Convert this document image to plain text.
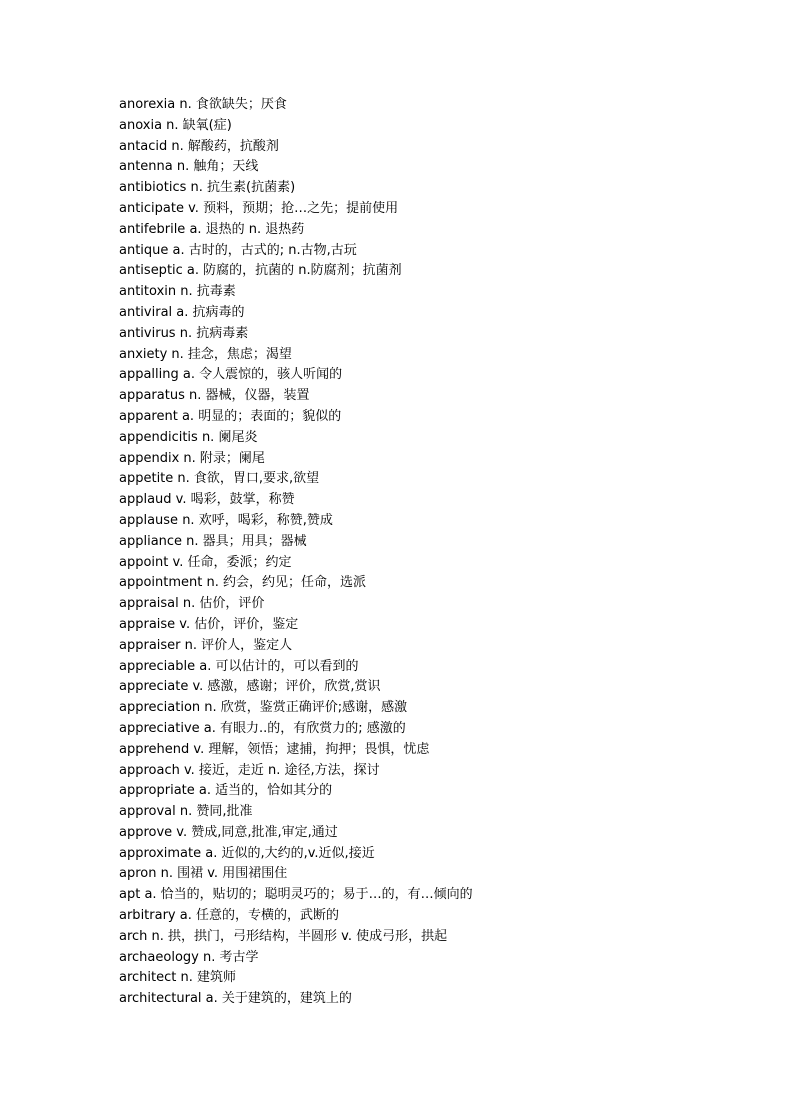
anorexia n. 食欲缺失；厌食
anoxia n. 缺氧(症)
antacid n. 解酸药，抗酸剂
antenna n. 触角；天线
antibiotics n. 抗生素(抗菌素)
anticipate v. 预料，预期；抢…之先；提前使用
antifebrile a. 退热的 n. 退热药
antique a. 古时的，古式的; n.古物,古玩
antiseptic a. 防腐的，抗菌的 n.防腐剂；抗菌剂
antitoxin n. 抗毒素
antiviral a. 抗病毒的
antivirus n. 抗病毒素
anxiety n. 挂念，焦虑；渴望
appalling a. 令人震惊的，骇人听闻的
apparatus n. 器械，仪器，装置
apparent a. 明显的；表面的；貌似的
appendicitis n. 阑尾炎
appendix n. 附录；阑尾
appetite n. 食欲，胃口,要求,欲望
applaud v. 喝彩，鼓掌，称赞
applause n. 欢呼，喝彩，称赞,赞成
appliance n. 器具；用具；器械
appoint v. 任命，委派；约定
appointment n. 约会，约见；任命，选派
appraisal n. 估价，评价
appraise v. 估价，评价，鉴定
appraiser n. 评价人，鉴定人
appreciable a. 可以估计的，可以看到的
appreciate v. 感激，感谢；评价，欣赏,赏识
appreciation n. 欣赏，鉴赏正确评价;感谢，感激
appreciative a. 有眼力..的，有欣赏力的; 感激的
apprehend v. 理解，领悟；逮捕，拘押；畏惧，忧虑
approach v. 接近，走近 n. 途径,方法，探讨
appropriate a. 适当的，恰如其分的
approval n. 赞同,批准
approve v. 赞成,同意,批准,审定,通过
approximate a. 近似的,大约的,v.近似,接近
apron n. 围裙 v. 用围裙围住
apt a. 恰当的，贴切的；聪明灵巧的；易于…的，有…倾向的
arbitrary a. 任意的，专横的，武断的
arch n. 拱，拱门，弓形结构，半圆形 v. 使成弓形，拱起
archaeology n. 考古学
architect n. 建筑师
architectural a. 关于建筑的，建筑上的
